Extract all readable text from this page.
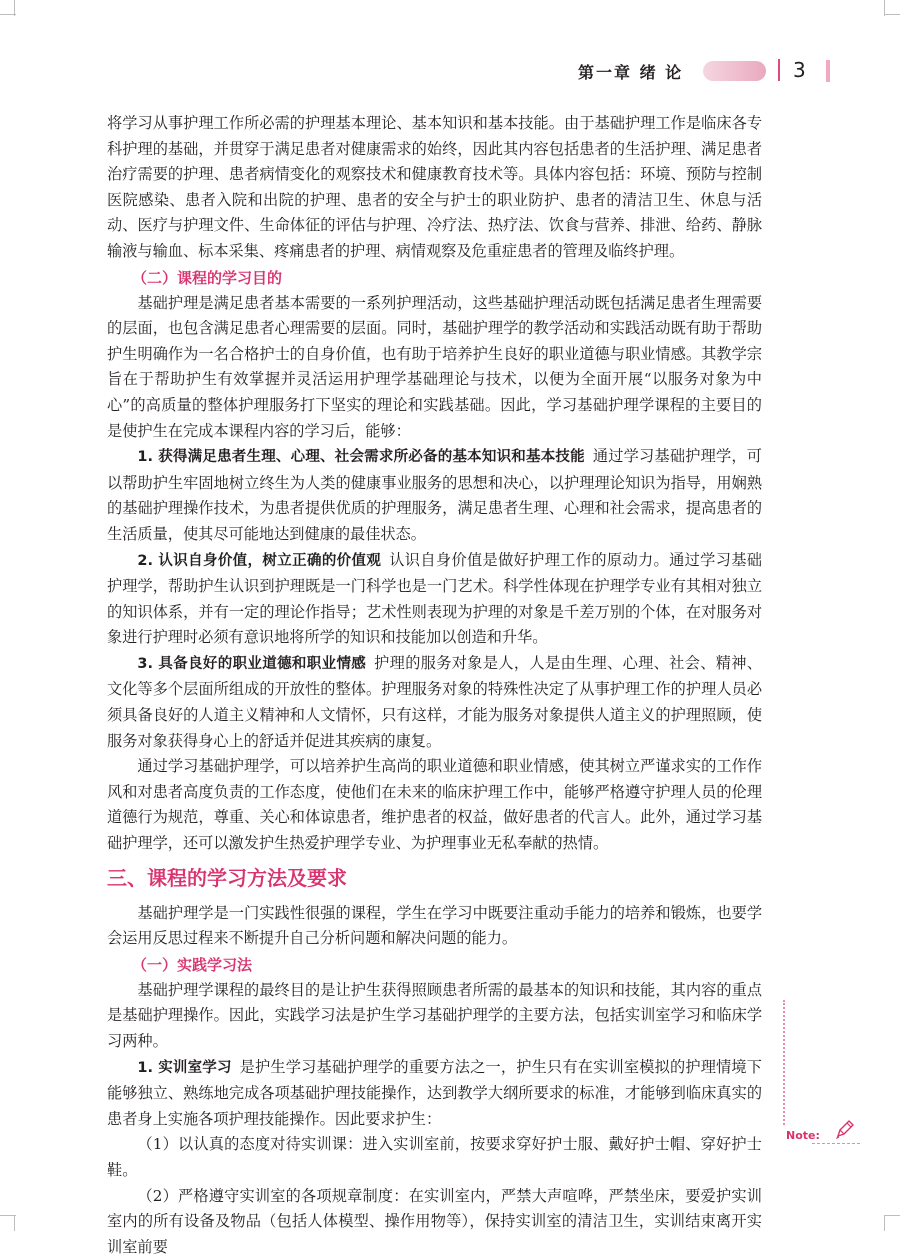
第一章 绪 论	3

将学习从事护理工作所必需的护理基本理论、基本知识和基本技能。由于基础护理工作是临床各专科护理的基础，并贯穿于满足患者对健康需求的始终，因此其内容包括患者的生活护理、满足患者治疗需要的护理、患者病情变化的观察技术和健康教育技术等。具体内容包括：环境、预防与控制医院感染、患者入院和出院的护理、患者的安全与护士的职业防护、患者的清洁卫生、休息与活动、医疗与护理文件、生命体征的评估与护理、冷疗法、热疗法、饮食与营养、排泄、给药、静脉输液与输血、标本采集、疼痛患者的护理、病情观察及危重症患者的管理及临终护理。

（二）课程的学习目的

基础护理是满足患者基本需要的一系列护理活动，这些基础护理活动既包括满足患者生理需要的层面，也包含满足患者心理需要的层面。同时，基础护理学的教学活动和实践活动既有助于帮助护生明确作为一名合格护士的自身价值，也有助于培养护生良好的职业道德与职业情感。其教学宗旨在于帮助护生有效掌握并灵活运用护理学基础理论与技术，以便为全面开展“以服务对象为中心”的高质量的整体护理服务打下坚实的理论和实践基础。因此，学习基础护理学课程的主要目的是使护生在完成本课程内容的学习后，能够：

1. 获得满足患者生理、心理、社会需求所必备的基本知识和基本技能 通过学习基础护理学，可以帮助护生牢固地树立终生为人类的健康事业服务的思想和决心，以护理理论知识为指导，用娴熟的基础护理操作技术，为患者提供优质的护理服务，满足患者生理、心理和社会需求，提高患者的生活质量，使其尽可能地达到健康的最佳状态。

2. 认识自身价值，树立正确的价值观 认识自身价值是做好护理工作的原动力。通过学习基础护理学，帮助护生认识到护理既是一门科学也是一门艺术。科学性体现在护理学专业有其相对独立的知识体系，并有一定的理论作指导；艺术性则表现为护理的对象是千差万别的个体，在对服务对象进行护理时必须有意识地将所学的知识和技能加以创造和升华。

3. 具备良好的职业道德和职业情感 护理的服务对象是人，人是由生理、心理、社会、精神、文化等多个层面所组成的开放性的整体。护理服务对象的特殊性决定了从事护理工作的护理人员必须具备良好的人道主义精神和人文情怀，只有这样，才能为服务对象提供人道主义的护理照顾，使服务对象获得身心上的舒适并促进其疾病的康复。

通过学习基础护理学，可以培养护生高尚的职业道德和职业情感，使其树立严谨求实的工作作风和对患者高度负责的工作态度，使他们在未来的临床护理工作中，能够严格遵守护理人员的伦理道德行为规范，尊重、关心和体谅患者，维护患者的权益，做好患者的代言人。此外，通过学习基础护理学，还可以激发护生热爱护理学专业、为护理事业无私奉献的热情。

三、课程的学习方法及要求

基础护理学是一门实践性很强的课程，学生在学习中既要注重动手能力的培养和锻炼，也要学会运用反思过程来不断提升自己分析问题和解决问题的能力。

（一）实践学习法

基础护理学课程的最终目的是让护生获得照顾患者所需的最基本的知识和技能，其内容的重点是基础护理操作。因此，实践学习法是护生学习基础护理学的主要方法，包括实训室学习和临床学习两种。

1. 实训室学习 是护生学习基础护理学的重要方法之一，护生只有在实训室模拟的护理情境下能够独立、熟练地完成各项基础护理技能操作，达到教学大纲所要求的标准，才能够到临床真实的患者身上实施各项护理技能操作。因此要求护生：

（1）以认真的态度对待实训课：进入实训室前，按要求穿好护士服、戴好护士帽、穿好护士鞋。

（2）严格遵守实训室的各项规章制度：在实训室内，严禁大声喧哗，严禁坐床，要爱护实训室内的所有设备及物品（包括人体模型、操作用物等），保持实训室的清洁卫生，实训结束离开实训室前要

Note:
